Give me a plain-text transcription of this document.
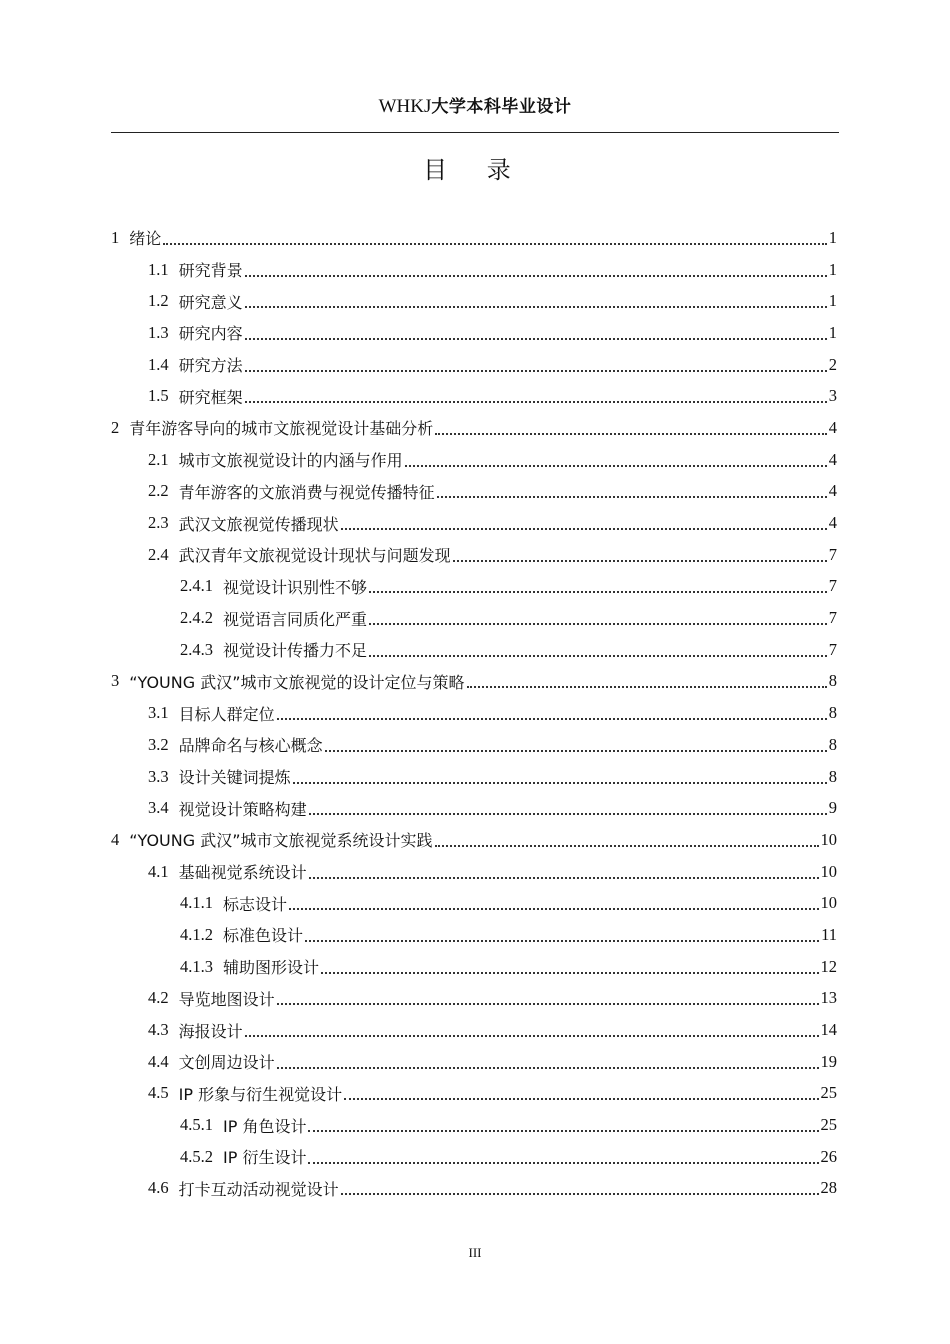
WHKJ大学本科毕业设计
目 录
1 绪论	1
1.1 研究背景	1
1.2 研究意义	1
1.3 研究内容	1
1.4 研究方法	2
1.5 研究框架	3
2 青年游客导向的城市文旅视觉设计基础分析	4
2.1 城市文旅视觉设计的内涵与作用	4
2.2 青年游客的文旅消费与视觉传播特征	4
2.3 武汉文旅视觉传播现状	4
2.4 武汉青年文旅视觉设计现状与问题发现	7
2.4.1 视觉设计识别性不够	7
2.4.2 视觉语言同质化严重	7
2.4.3 视觉设计传播力不足	7
3 “YOUNG 武汉”城市文旅视觉的设计定位与策略	8
3.1 目标人群定位	8
3.2 品牌命名与核心概念	8
3.3 设计关键词提炼	8
3.4 视觉设计策略构建	9
4 “YOUNG 武汉”城市文旅视觉系统设计实践	10
4.1 基础视觉系统设计	10
4.1.1 标志设计	10
4.1.2 标准色设计	11
4.1.3 辅助图形设计	12
4.2 导览地图设计	13
4.3 海报设计	14
4.4 文创周边设计	19
4.5 IP 形象与衍生视觉设计	25
4.5.1 IP 角色设计	25
4.5.2 IP 衍生设计	26
4.6 打卡互动活动视觉设计	28
III
